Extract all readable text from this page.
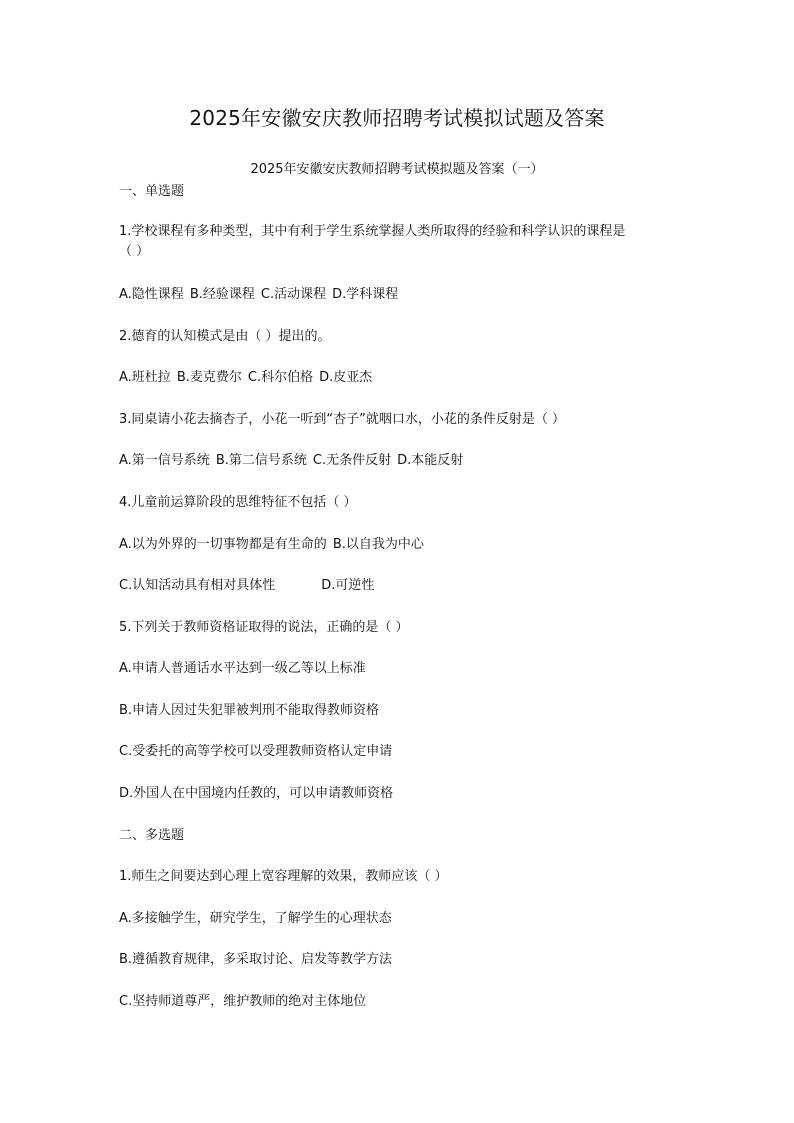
2025年安徽安庆教师招聘考试模拟试题及答案
2025年安徽安庆教师招聘考试模拟题及答案（一）
一、单选题
1.学校课程有多种类型，其中有利于学生系统掌握人类所取得的经验和科学认识的课程是
（ ）
A.隐性课程 B.经验课程 C.活动课程 D.学科课程
2.德育的认知模式是由（ ）提出的。
A.班杜拉 B.麦克费尔 C.科尔伯格 D.皮亚杰
3.同桌请小花去摘杏子，小花一听到“杏子”就咽口水，小花的条件反射是（ ）
A.第一信号系统 B.第二信号系统 C.无条件反射 D.本能反射
4.儿童前运算阶段的思维特征不包括（ ）
A.以为外界的一切事物都是有生命的 B.以自我为中心
C.认知活动具有相对具体性	D.可逆性
5.下列关于教师资格证取得的说法，正确的是（ ）
A.申请人普通话水平达到一级乙等以上标准
B.申请人因过失犯罪被判刑不能取得教师资格
C.受委托的高等学校可以受理教师资格认定申请
D.外国人在中国境内任教的，可以申请教师资格
二、多选题
1.师生之间要达到心理上宽容理解的效果，教师应该（ ）
A.多接触学生，研究学生，了解学生的心理状态
B.遵循教育规律，多采取讨论、启发等教学方法
C.坚持师道尊严，维护教师的绝对主体地位
